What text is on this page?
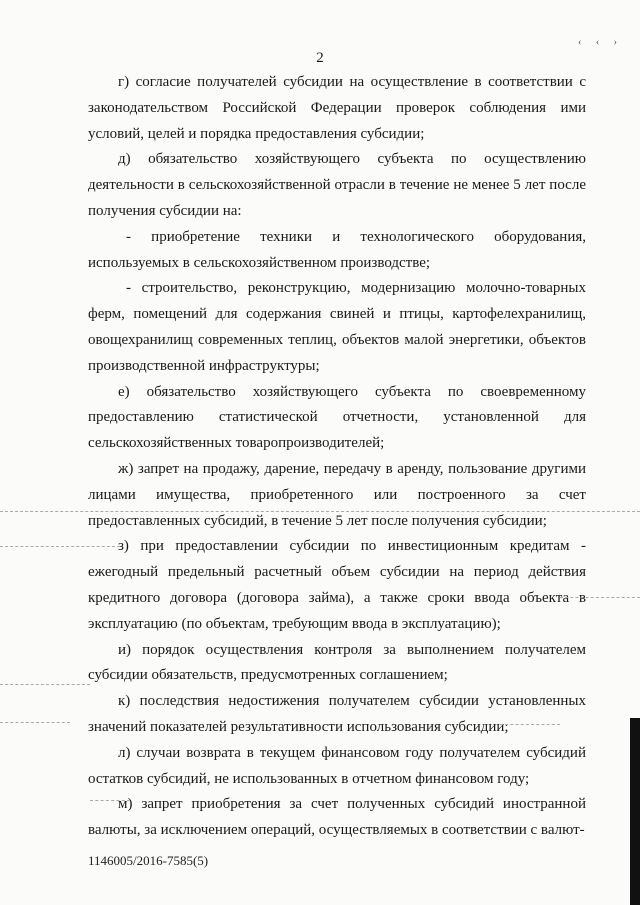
2
‹ ‹ ›

г) согласие получателей субсидии на осуществление в соответствии с законодательством Российской Федерации проверок соблюдения ими условий, целей и порядка предоставления субсидии;

д) обязательство хозяйствующего субъекта по осуществлению деятельности в сельскохозяйственной отрасли в течение не менее 5 лет после получения субсидии на:

- приобретение техники и технологического оборудования, используемых в сельскохозяйственном производстве;

- строительство, реконструкцию, модернизацию молочно-товарных ферм, помещений для содержания свиней и птицы, картофелехранилищ, овощехранилищ современных теплиц, объектов малой энергетики, объектов производственной инфраструктуры;

е) обязательство хозяйствующего субъекта по своевременному предоставлению статистической отчетности, установленной для сельскохозяйственных товаропроизводителей;

ж) запрет на продажу, дарение, передачу в аренду, пользование другими лицами имущества, приобретенного или построенного за счет предоставленных субсидий, в течение 5 лет после получения субсидии;

з) при предоставлении субсидии по инвестиционным кредитам - ежегодный предельный расчетный объем субсидии на период действия кредитного договора (договора займа), а также сроки ввода объекта в эксплуатацию (по объектам, требующим ввода в эксплуатацию);

и) порядок осуществления контроля за выполнением получателем субсидии обязательств, предусмотренных соглашением;

к) последствия недостижения получателем субсидии установленных значений показателей результативности использования субсидии;

л) случаи возврата в текущем финансовом году получателем субсидий остатков субсидий, не использованных в отчетном финансовом году;

м) запрет приобретения за счет полученных субсидий иностранной валюты, за исключением операций, осуществляемых в соответствии с валют-

1146005/2016-7585(5)
